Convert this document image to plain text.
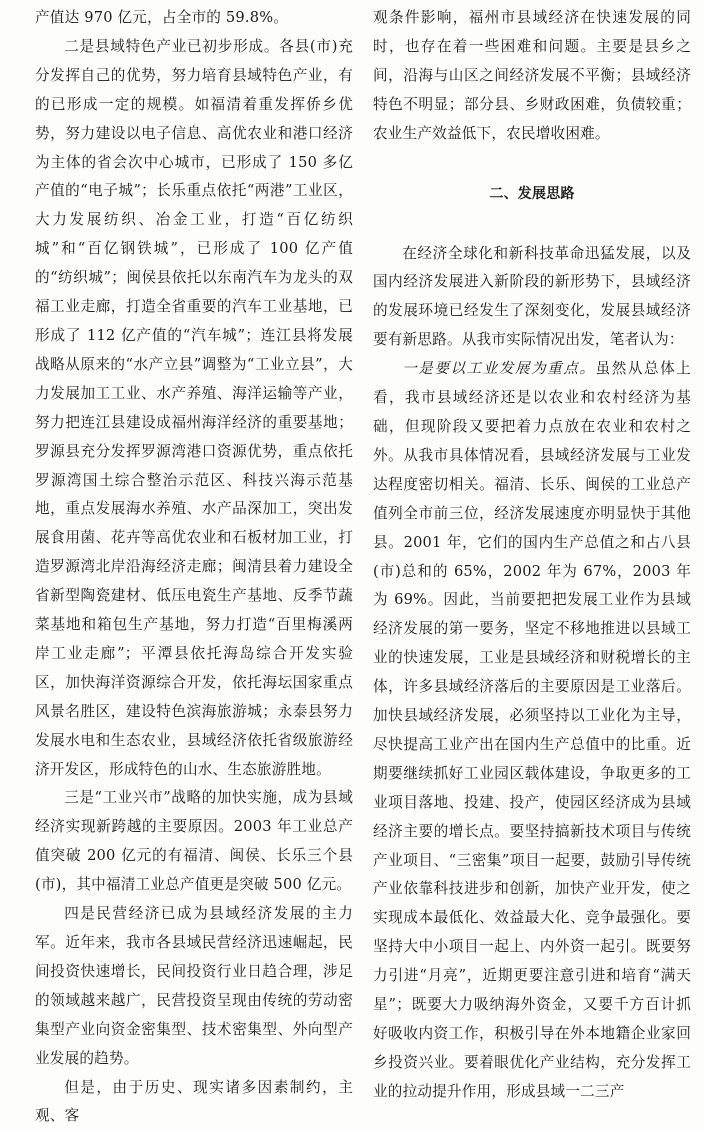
产值达 970 亿元，占全市的 59.8%。

二是县域特色产业已初步形成。各县(市)充分发挥自己的优势，努力培育县域特色产业，有的已形成一定的规模。如福清着重发挥侨乡优势，努力建设以电子信息、高优农业和港口经济为主体的省会次中心城市，已形成了 150 多亿产值的“电子城”；长乐重点依托“两港”工业区，大力发展纺织、冶金工业，打造“百亿纺织城”和“百亿钢铁城”，已形成了 100 亿产值的“纺织城”；闽侯县依托以东南汽车为龙头的双福工业走廊，打造全省重要的汽车工业基地，已形成了 112 亿产值的“汽车城”；连江县将发展战略从原来的“水产立县”调整为“工业立县”，大力发展加工工业、水产养殖、海洋运输等产业，努力把连江县建设成福州海洋经济的重要基地；罗源县充分发挥罗源湾港口资源优势，重点依托罗源湾国土综合整治示范区、科技兴海示范基地，重点发展海水养殖、水产品深加工，突出发展食用菌、花卉等高优农业和石板材加工业，打造罗源湾北岸沿海经济走廊；闽清县着力建设全省新型陶瓷建材、低压电瓷生产基地、反季节蔬菜基地和箱包生产基地，努力打造“百里梅溪两岸工业走廊”；平潭县依托海岛综合开发实验区，加快海洋资源综合开发，依托海坛国家重点风景名胜区，建设特色滨海旅游城；永泰县努力发展水电和生态农业，县域经济依托省级旅游经济开发区，形成特色的山水、生态旅游胜地。

三是“工业兴市”战略的加快实施，成为县域经济实现新跨越的主要原因。2003 年工业总产值突破 200 亿元的有福清、闽侯、长乐三个县(市)，其中福清工业总产值更是突破 500 亿元。

四是民营经济已成为县域经济发展的主力军。近年来，我市各县域民营经济迅速崛起，民间投资快速增长，民间投资行业日趋合理，涉足的领域越来越广，民营投资呈现由传统的劳动密集型产业向资金密集型、技术密集型、外向型产业发展的趋势。

但是，由于历史、现实诸多因素制约，主观、客

观条件影响，福州市县域经济在快速发展的同时，也存在着一些困难和问题。主要是县乡之间，沿海与山区之间经济发展不平衡；县域经济特色不明显；部分县、乡财政困难，负债较重；农业生产效益低下，农民增收困难。

二、发展思路

在经济全球化和新科技革命迅猛发展，以及国内经济发展进入新阶段的新形势下，县域经济的发展环境已经发生了深刻变化，发展县域经济要有新思路。从我市实际情况出发，笔者认为：

一是要以工业发展为重点。虽然从总体上看，我市县域经济还是以农业和农村经济为基础，但现阶段又要把着力点放在农业和农村之外。从我市具体情况看，县域经济发展与工业发达程度密切相关。福清、长乐、闽侯的工业总产值列全市前三位，经济发展速度亦明显快于其他县。2001 年，它们的国内生产总值之和占八县(市)总和的 65%，2002 年为 67%，2003 年为 69%。因此，当前要把把发展工业作为县域经济发展的第一要务，坚定不移地推进以县域工业的快速发展，工业是县域经济和财税增长的主体，许多县域经济落后的主要原因是工业落后。加快县域经济发展，必须坚持以工业化为主导，尽快提高工业产出在国内生产总值中的比重。近期要继续抓好工业园区载体建设，争取更多的工业项目落地、投建、投产，使园区经济成为县域经济主要的增长点。要坚持搞新技术项目与传统产业项目、“三密集”项目一起要，鼓励引导传统产业依靠科技进步和创新，加快产业开发，使之实现成本最低化、效益最大化、竞争最强化。要坚持大中小项目一起上、内外资一起引。既要努力引进“月亮”，近期更要注意引进和培育“满天星”；既要大力吸纳海外资金，又要千方百计抓好吸收内资工作，积极引导在外本地籍企业家回乡投资兴业。要着眼优化产业结构，充分发挥工业的拉动提升作用，形成县域一二三产
